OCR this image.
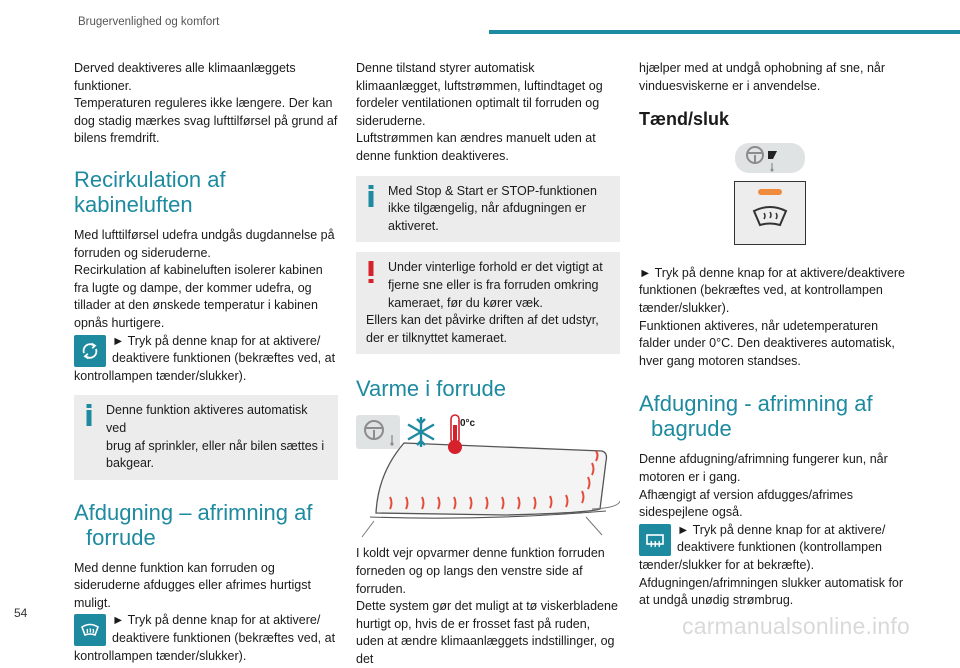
Brugervenlighed og komfort

Derved deaktiveres alle klimaanlæggets funktioner.

Temperaturen reguleres ikke længere. Der kan dog stadig mærkes svag lufttilførsel på grund af bilens fremdrift.

Recirkulation af
kabineluften

Med lufttilførsel udefra undgås dugdannelse på forruden og sideruderne.

Recirkulation af kabineluften isolerer kabinen fra lugte og dampe, der kommer udefra, og tillader at den ønskede temperatur i kabinen opnås hurtigere.

► Tryk på denne knap for at aktivere/
deaktivere funktionen (bekræftes ved, at
kontrollampen tænder/slukker).
Denne funktion aktiveres automatisk ved
brug af sprinkler, eller når bilen sættes i bakgear.
Afdugning – afrimning af
forrude

Med denne funktion kan forruden og sideruderne afdugges eller afrimes hurtigst muligt.

► Tryk på denne knap for at aktivere/
deaktivere funktionen (bekræftes ved, at
kontrollampen tænder/slukker).

Denne tilstand styrer automatisk klimaanlægget, luftstrømmen, luftindtaget og fordeler ventilationen optimalt til forruden og sideruderne.

Luftstrømmen kan ændres manuelt uden at denne funktion deaktiveres.

Med Stop & Start er STOP-funktionen
ikke tilgængelig, når afdugningen er aktiveret.
Under vinterlige forhold er det vigtigt at
fjerne sne eller is fra forruden omkring kameraet, før du kører væk.
Ellers kan det påvirke driften af det udstyr, der er tilknyttet kameraet.
Varme i forrude
0°c

I koldt vejr opvarmer denne funktion forruden forneden og op langs den venstre side af forruden.

Dette system gør det muligt at tø viskerbladene hurtigt op, hvis de er frosset fast på ruden, uden at ændre klimaanlæggets indstillinger, og det

hjælper med at undgå ophobning af sne, når vinduesviskerne er i anvendelse.

Tænd/sluk

► Tryk på denne knap for at aktivere/deaktivere funktionen (bekræftes ved, at kontrollampen tænder/slukker).

Funktionen aktiveres, når udetemperaturen falder under 0°C. Den deaktiveres automatisk, hver gang motoren standses.

Afdugning - afrimning af
bagrude

Denne afdugning/afrimning fungerer kun, når motoren er i gang.

Afhængigt af version afdugges/afrimes sidespejlene også.

► Tryk på denne knap for at aktivere/
deaktivere funktionen (kontrollampen
tænder/slukker for at bekræfte).

Afdugningen/afrimningen slukker automatisk for at undgå unødig strømbrug.

54	carmanualsonline.info
